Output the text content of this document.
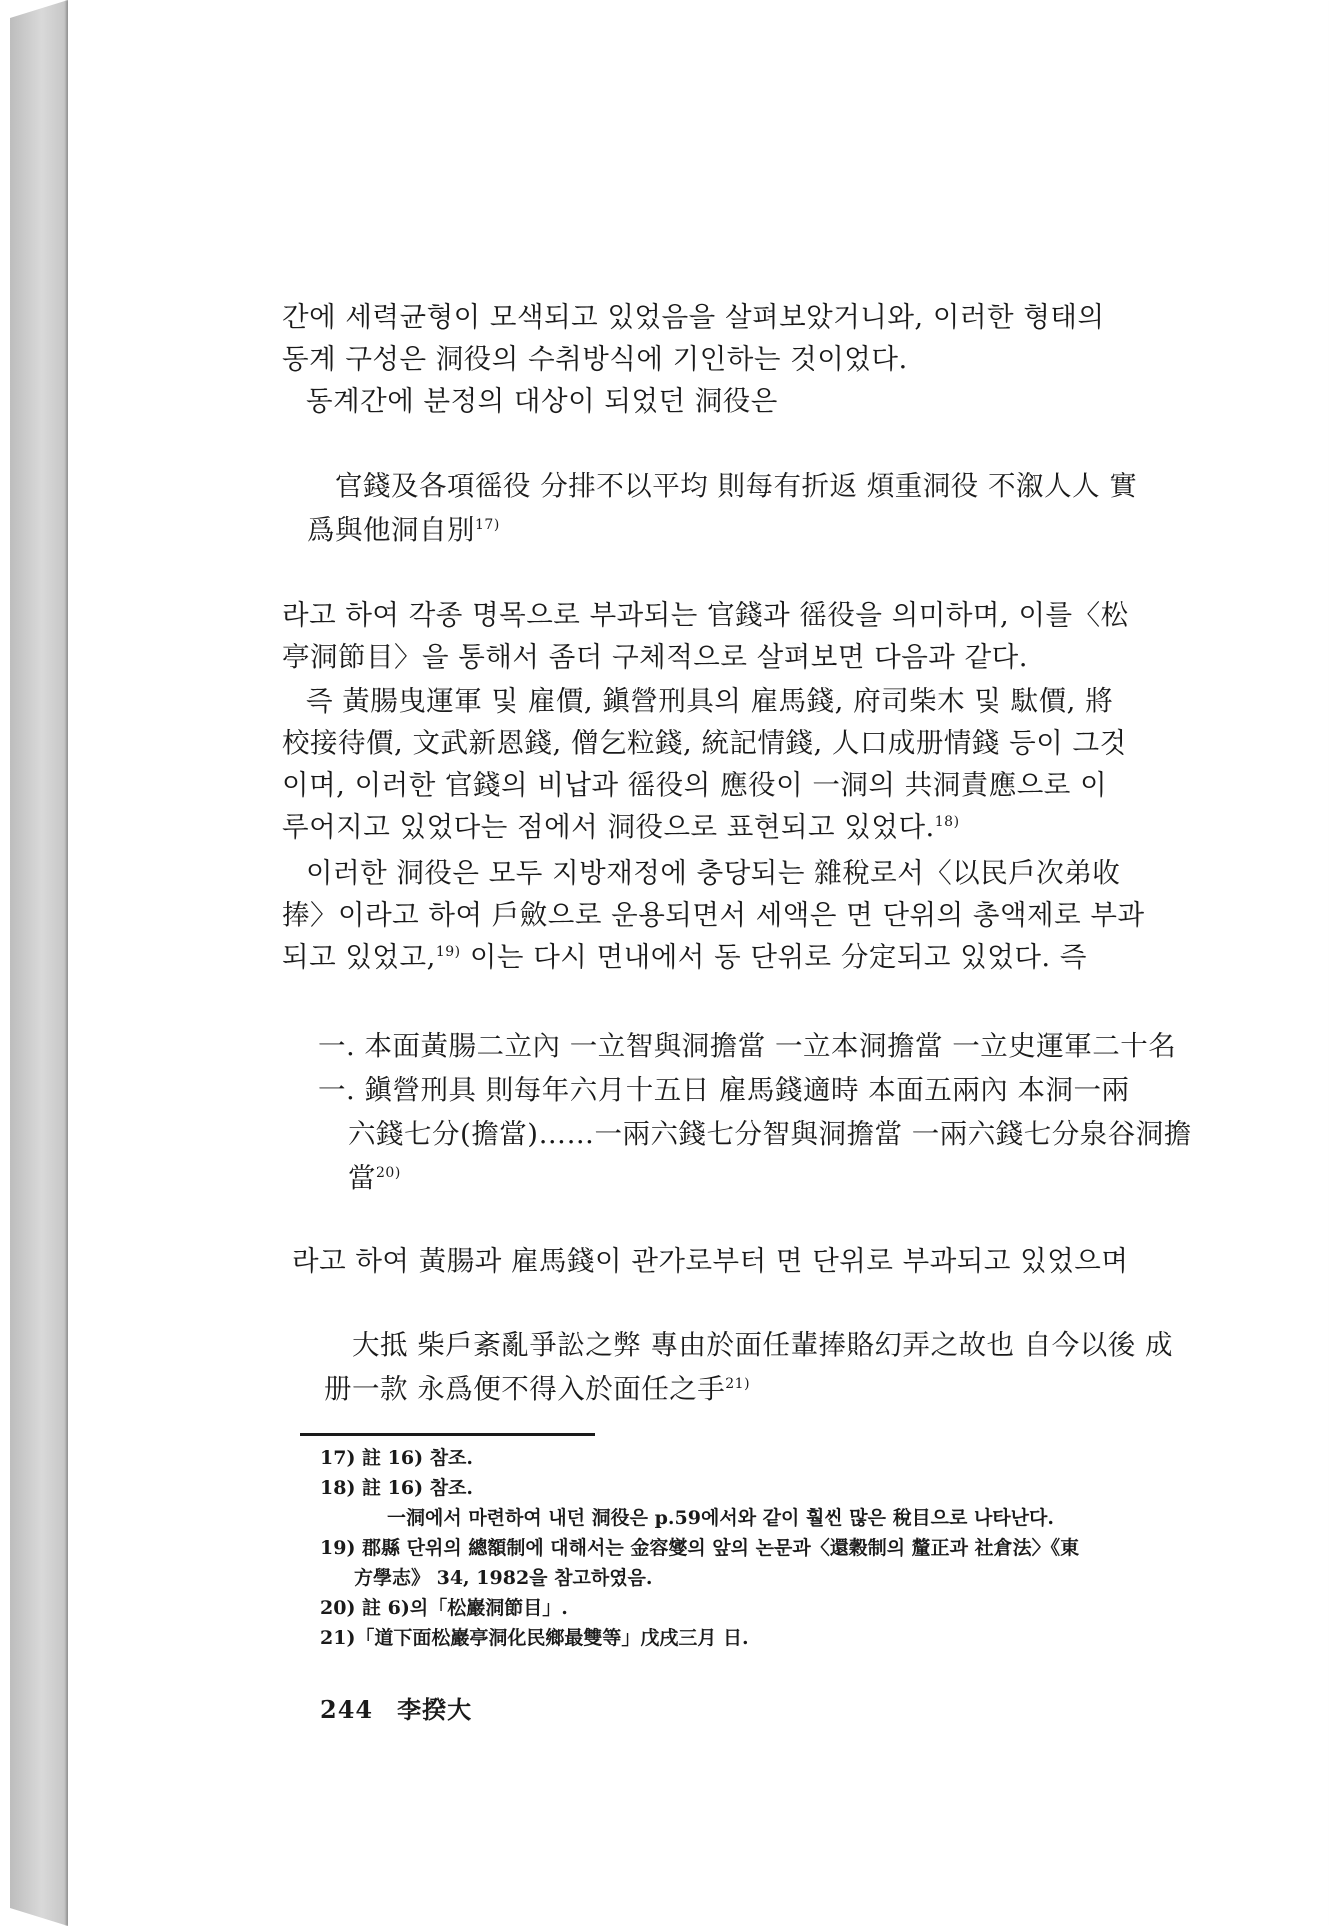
간에 세력균형이 모색되고 있었음을 살펴보았거니와, 이러한 형태의
동계 구성은 洞役의 수취방식에 기인하는 것이었다.

동계간에 분정의 대상이 되었던 洞役은

官錢及各項徭役 分排不以平均 則每有折返 煩重洞役 不溆人人 實
爲與他洞自別$^{17)}$

라고 하여 각종 명목으로 부과되는 官錢과 徭役을 의미하며, 이를〈松
亭洞節目〉을 통해서 좀더 구체적으로 살펴보면 다음과 같다.

즉 黃腸曳運軍 및 雇價, 鎭營刑具의 雇馬錢, 府司柴木 및 駄價, 將
校接待價, 文武新恩錢, 僧乞粒錢, 統記情錢, 人口成册情錢 등이 그것
이며, 이러한 官錢의 비납과 徭役의 應役이 一洞의 共洞責應으로 이
루어지고 있었다는 점에서 洞役으로 표현되고 있었다.$^{18)}$

이러한 洞役은 모두 지방재정에 충당되는 雜稅로서〈以民戶次弟收
捧〉이라고 하여 戶斂으로 운용되면서 세액은 면 단위의 총액제로 부과
되고 있었고,$^{19)}$ 이는 다시 면내에서 동 단위로 分定되고 있었다. 즉

一. 本面黃腸二立內 一立智與洞擔當 一立本洞擔當 一立史運軍二十名
一. 鎭營刑具 則每年六月十五日 雇馬錢適時 本面五兩內 本洞一兩
六錢七分(擔當)……一兩六錢七分智與洞擔當 一兩六錢七分泉谷洞擔
當$^{20)}$

라고 하여 黃腸과 雇馬錢이 관가로부터 면 단위로 부과되고 있었으며

大抵 柴戶紊亂爭訟之弊 專由於面任輩捧賂幻弄之故也 自今以後 成
册一款 永爲便不得入於面任之手$^{21)}$
17) 註 16) 참조.
18) 註 16) 참조.
一洞에서 마련하여 내던 洞役은 p.59에서와 같이 훨씬 많은 稅目으로 나타난다.
19) 郡縣 단위의 總額制에 대해서는 金容燮의 앞의 논문과〈還穀制의 釐正과 社倉法〉《東
方學志》 34, 1982을 참고하였음.
20) 註 6)의「松巖洞節目」.
21)「道下面松巖亭洞化民鄉最雙等」戊戌三月 日.
244 李揆大
